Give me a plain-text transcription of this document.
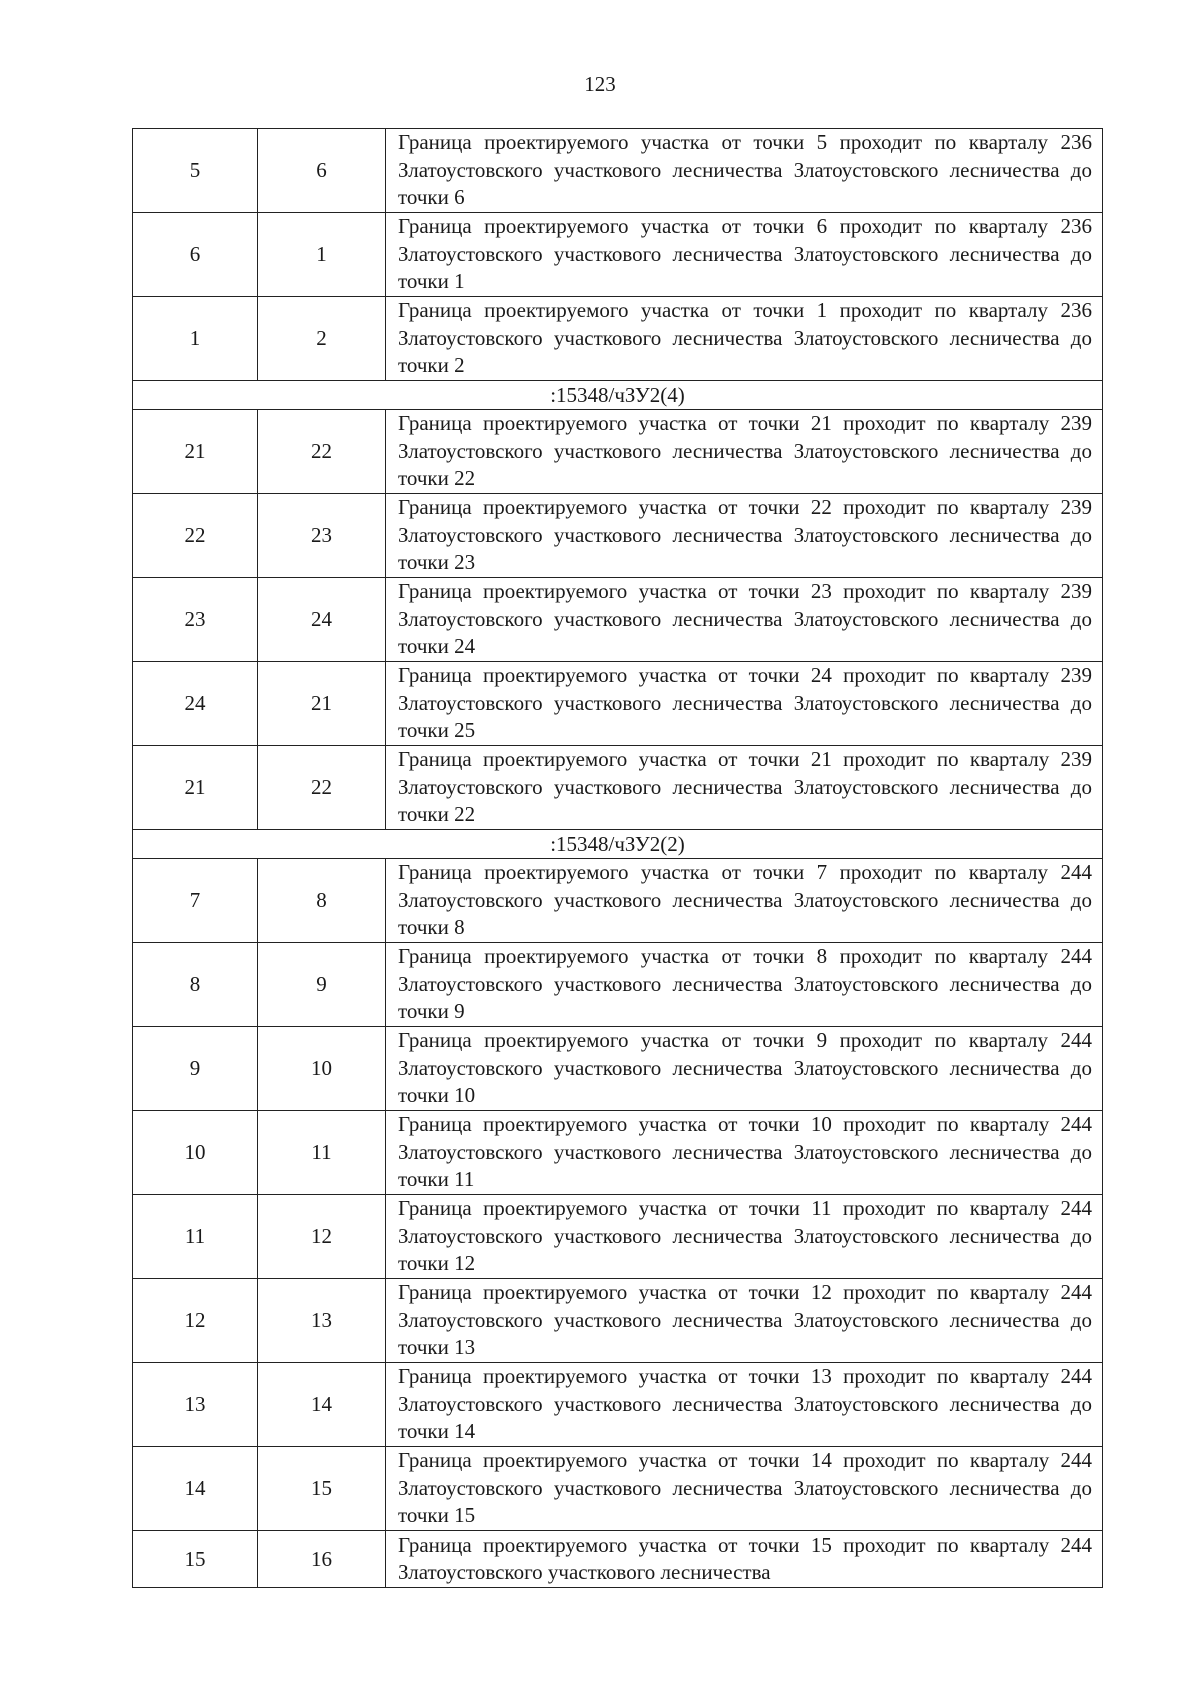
123
5	6	Граница проектируемого участка от точки 5 проходит по кварталу 236 Златоустовского участкового лесничества Златоустовского лесничества до точки 6
6	1	Граница проектируемого участка от точки 6 проходит по кварталу 236 Златоустовского участкового лесничества Златоустовского лесничества до точки 1
1	2	Граница проектируемого участка от точки 1 проходит по кварталу 236 Златоустовского участкового лесничества Златоустовского лесничества до точки 2
:15348/чЗУ2(4)		
21	22	Граница проектируемого участка от точки 21 проходит по кварталу 239 Златоустовского участкового лесничества Златоустовского лесничества до точки 22
22	23	Граница проектируемого участка от точки 22 проходит по кварталу 239 Златоустовского участкового лесничества Златоустовского лесничества до точки 23
23	24	Граница проектируемого участка от точки 23 проходит по кварталу 239 Златоустовского участкового лесничества Златоустовского лесничества до точки 24
24	21	Граница проектируемого участка от точки 24 проходит по кварталу 239 Златоустовского участкового лесничества Златоустовского лесничества до точки 25
21	22	Граница проектируемого участка от точки 21 проходит по кварталу 239 Златоустовского участкового лесничества Златоустовского лесничества до точки 22
:15348/чЗУ2(2)		
7	8	Граница проектируемого участка от точки 7 проходит по кварталу 244 Златоустовского участкового лесничества Златоустовского лесничества до точки 8
8	9	Граница проектируемого участка от точки 8 проходит по кварталу 244 Златоустовского участкового лесничества Златоустовского лесничества до точки 9
9	10	Граница проектируемого участка от точки 9 проходит по кварталу 244 Златоустовского участкового лесничества Златоустовского лесничества до точки 10
10	11	Граница проектируемого участка от точки 10 проходит по кварталу 244 Златоустовского участкового лесничества Златоустовского лесничества до точки 11
11	12	Граница проектируемого участка от точки 11 проходит по кварталу 244 Златоустовского участкового лесничества Златоустовского лесничества до точки 12
12	13	Граница проектируемого участка от точки 12 проходит по кварталу 244 Златоустовского участкового лесничества Златоустовского лесничества до точки 13
13	14	Граница проектируемого участка от точки 13 проходит по кварталу 244 Златоустовского участкового лесничества Златоустовского лесничества до точки 14
14	15	Граница проектируемого участка от точки 14 проходит по кварталу 244 Златоустовского участкового лесничества Златоустовского лесничества до точки 15
15	16	Граница проектируемого участка от точки 15 проходит по кварталу 244 Златоустовского участкового лесничества
